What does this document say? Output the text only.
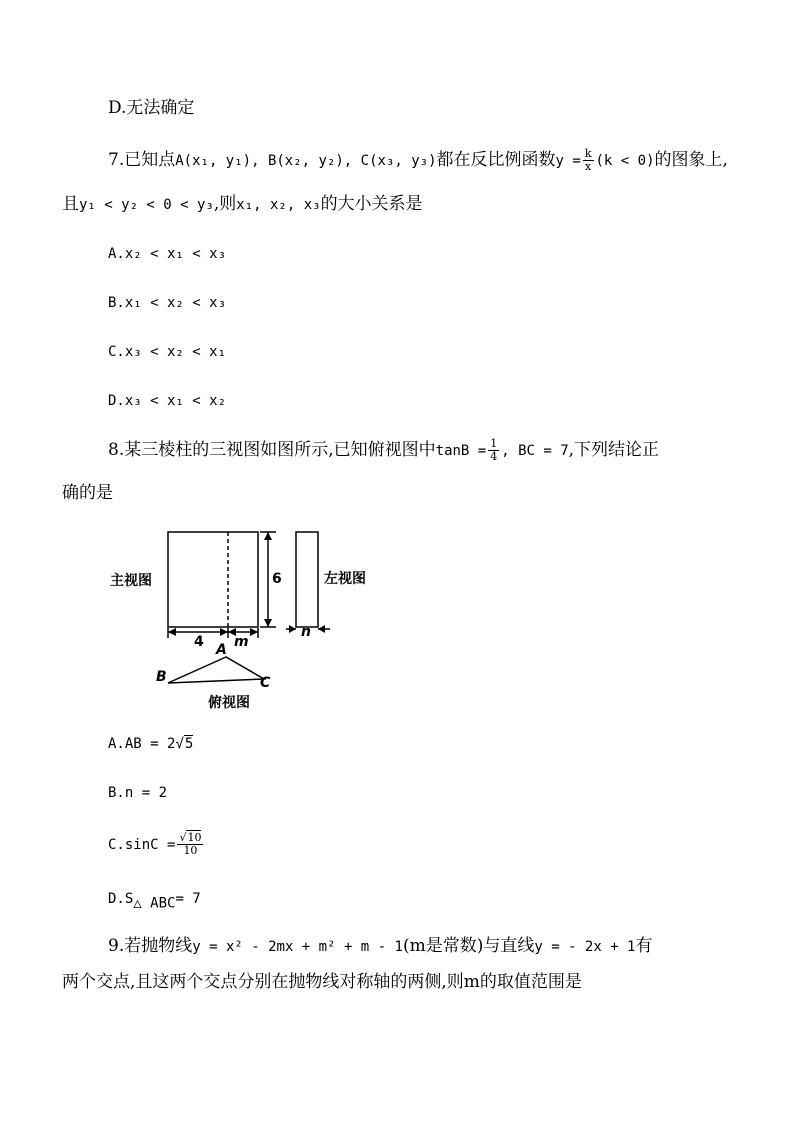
D.无法确定
7.已知点A(x₁, y₁), B(x₂, y₂), C(x₃, y₃)都在反比例函数$y = \frac{k}{x} (k < 0)$的图象上,
且y₁ < y₂ < 0 < y₃,则x₁, x₂, x₃的大小关系是
A.x₂ < x₁ < x₃
B.x₁ < x₂ < x₃
C.x₃ < x₂ < x₁
D.x₃ < x₁ < x₂
8.某三棱柱的三视图如图所示,已知俯视图中$\tan B = \frac{1}{4}$ , BC = 7,下列结论正
确的是
主视图	左视图
俯视图
6
4 m
n
A
B	C
A.AB = 2√5
B.n = 2
$C.\sin C = \frac{√10}{10}$
$D.S_{\triangle ABC}= 7$
9.若抛物线y = x² - 2mx + m² + m - 1(m是常数)与直线y = - 2x + 1有
两个交点,且这两个交点分别在抛物线对称轴的两侧,则m的取值范围是
